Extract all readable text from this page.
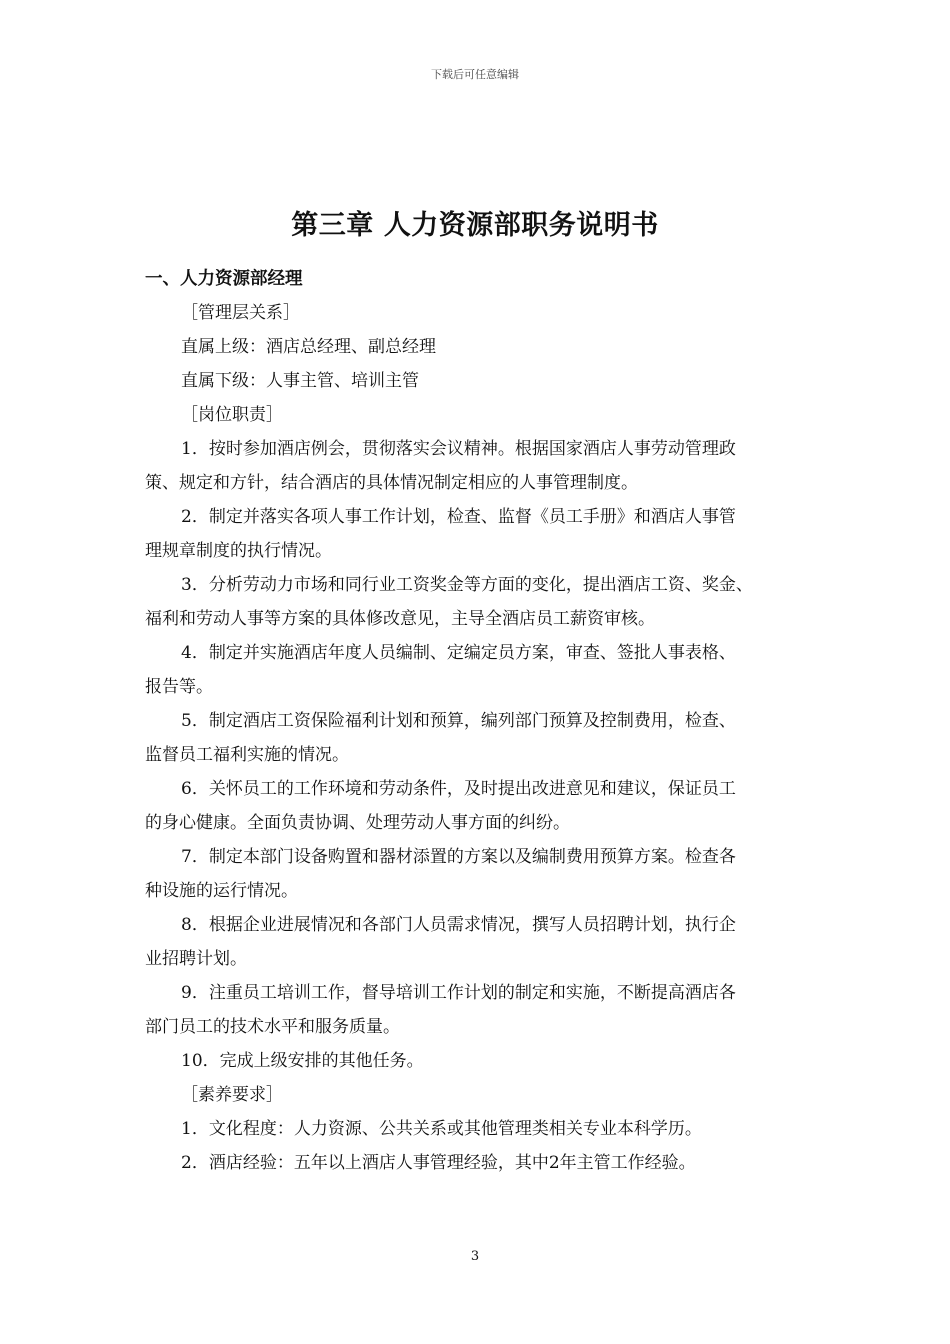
下载后可任意编辑
第三章 人力资源部职务说明书
一、人力资源部经理
［管理层关系］
直属上级：酒店总经理、副总经理
直属下级：人事主管、培训主管
［岗位职责］
1．按时参加酒店例会，贯彻落实会议精神。根据国家酒店人事劳动管理政
策、规定和方针，结合酒店的具体情况制定相应的人事管理制度。
2．制定并落实各项人事工作计划，检查、监督《员工手册》和酒店人事管
理规章制度的执行情况。
3．分析劳动力市场和同行业工资奖金等方面的变化，提出酒店工资、奖金、
福利和劳动人事等方案的具体修改意见，主导全酒店员工薪资审核。
4．制定并实施酒店年度人员编制、定编定员方案，审查、签批人事表格、
报告等。
5．制定酒店工资保险福利计划和预算，编列部门预算及控制费用，检查、
监督员工福利实施的情况。
6．关怀员工的工作环境和劳动条件，及时提出改进意见和建议，保证员工
的身心健康。全面负责协调、处理劳动人事方面的纠纷。
7．制定本部门设备购置和器材添置的方案以及编制费用预算方案。检查各
种设施的运行情况。
8．根据企业进展情况和各部门人员需求情况，撰写人员招聘计划，执行企
业招聘计划。
9．注重员工培训工作，督导培训工作计划的制定和实施，不断提高酒店各
部门员工的技术水平和服务质量。
10．完成上级安排的其他任务。
［素养要求］
1．文化程度：人力资源、公共关系或其他管理类相关专业本科学历。
2．酒店经验：五年以上酒店人事管理经验，其中2年主管工作经验。
3
